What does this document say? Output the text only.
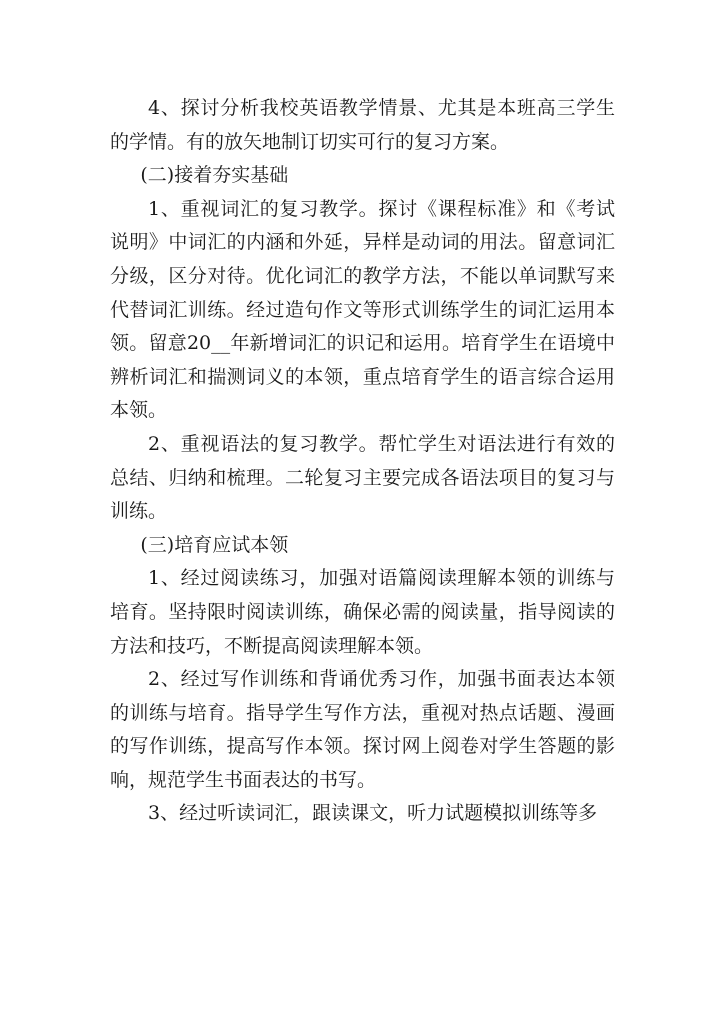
4、探讨分析我校英语教学情景、尤其是本班高三学生的学情。有的放矢地制订切实可行的复习方案。

(二)接着夯实基础

1、重视词汇的复习教学。探讨《课程标准》和《考试说明》中词汇的内涵和外延，异样是动词的用法。留意词汇分级，区分对待。优化词汇的教学方法，不能以单词默写来代替词汇训练。经过造句作文等形式训练学生的词汇运用本领。留意20__年新增词汇的识记和运用。培育学生在语境中辨析词汇和揣测词义的本领，重点培育学生的语言综合运用本领。

2、重视语法的复习教学。帮忙学生对语法进行有效的总结、归纳和梳理。二轮复习主要完成各语法项目的复习与训练。

(三)培育应试本领

1、经过阅读练习，加强对语篇阅读理解本领的训练与培育。坚持限时阅读训练，确保必需的阅读量，指导阅读的方法和技巧，不断提高阅读理解本领。

2、经过写作训练和背诵优秀习作，加强书面表达本领的训练与培育。指导学生写作方法，重视对热点话题、漫画的写作训练，提高写作本领。探讨网上阅卷对学生答题的影响，规范学生书面表达的书写。

3、经过听读词汇，跟读课文，听力试题模拟训练等多
